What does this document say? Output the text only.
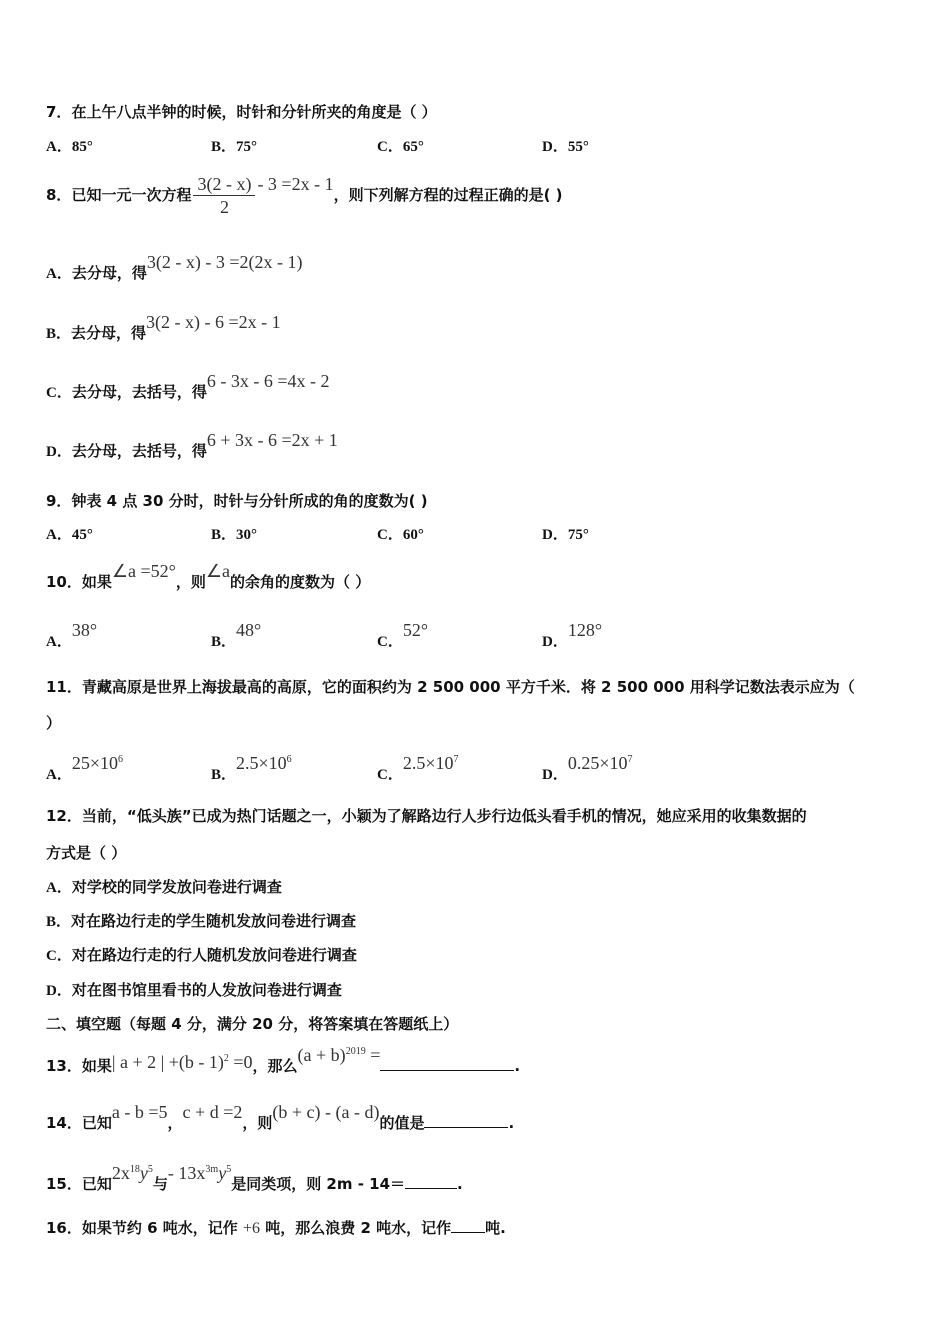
7．在上午八点半钟的时候，时针和分针所夹的角度是（ ）
A．85°	B．75°	C．65°	D．55°
8．已知一元一次方程 $\frac{3(2 - x)}{2} - 3 =2x - 1$，则下列解方程的过程正确的是( )
A．去分母，得3(2 - x) - 3 =2(2x - 1)
B．去分母，得3(2 - x) - 6 =2x - 1
C．去分母，去括号，得6 - 3x - 6 =4x - 2
D．去分母，去括号，得6 + 3x - 6 =2x + 1
9．钟表 4 点 30 分时，时针与分针所成的角的度数为( )
A．45°	B．30°	C．60°	D．75°
10．如果∠a =52°，则∠a的余角的度数为（ ）
A．38°
B．48°
C．52°
D．128°
11．青藏高原是世界上海拔最高的高原，它的面积约为 2 500 000 平方千米．将 2 500 000 用科学记数法表示应为（
）
A．$25\times 10^6$
B．$2.5\times 10^6$
C．$2.5\times 10^7$
D．$0.25\times 10^7$
12．当前，“低头族”已成为热门话题之一，小颖为了解路边行人步行边低头看手机的情况，她应采用的收集数据的
方式是（ ）
A．对学校的同学发放问卷进行调查
B．对在路边行走的学生随机发放问卷进行调查
C．对在路边行走的行人随机发放问卷进行调查
D．对在图书馆里看书的人发放问卷进行调查
二、填空题（每题 4 分，满分 20 分，将答案填在答题纸上）
13．如果| a + 2 | +(b - 1)$^2$ =0，那么$(a + b)^{2019}$ =.
14．已知a - b =5，c + d =2，则(b + c) - (a - d)的值是	.
15．已知$2x^{18}y^5$与- $13x^{3m}y^5$是同类项，则 2m - 14＝	.
16．如果节约 6 吨水，记作 +6 吨，那么浪费 2 吨水，记作 吨.
